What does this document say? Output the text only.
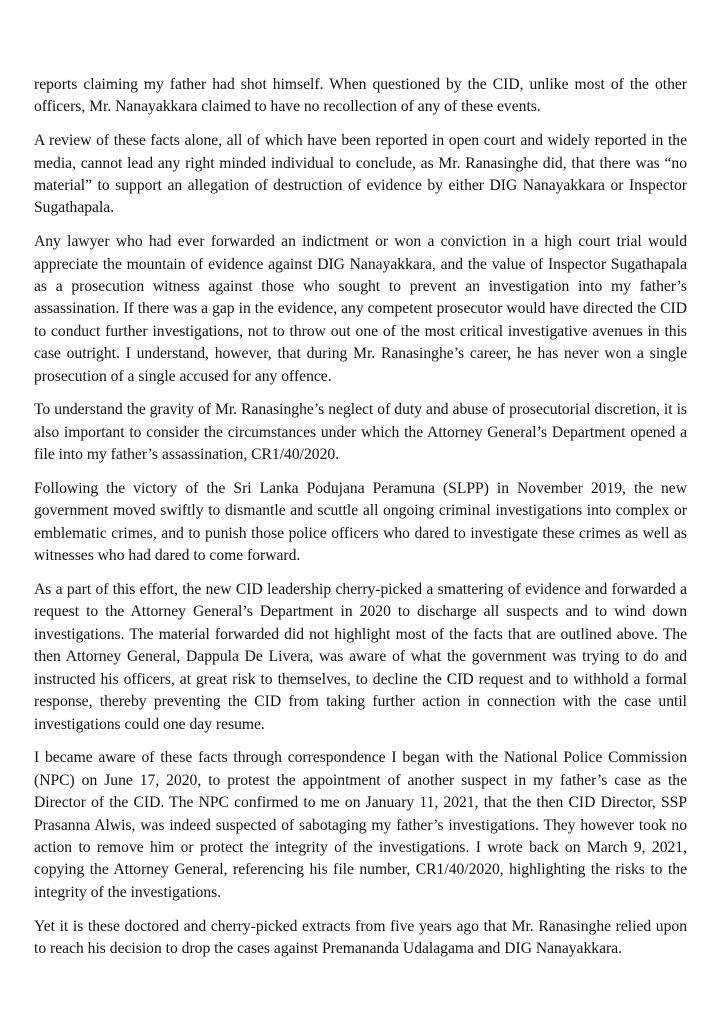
reports claiming my father had shot himself. When questioned by the CID, unlike most of the other officers, Mr. Nanayakkara claimed to have no recollection of any of these events.

A review of these facts alone, all of which have been reported in open court and widely reported in the media, cannot lead any right minded individual to conclude, as Mr. Ranasinghe did, that there was “no material” to support an allegation of destruction of evidence by either DIG Nanayakkara or Inspector Sugathapala.

Any lawyer who had ever forwarded an indictment or won a conviction in a high court trial would appreciate the mountain of evidence against DIG Nanayakkara, and the value of Inspector Sugathapala as a prosecution witness against those who sought to prevent an investigation into my father’s assassination. If there was a gap in the evidence, any competent prosecutor would have directed the CID to conduct further investigations, not to throw out one of the most critical investigative avenues in this case outright. I understand, however, that during Mr. Ranasinghe’s career, he has never won a single prosecution of a single accused for any offence.

To understand the gravity of Mr. Ranasinghe’s neglect of duty and abuse of prosecutorial discretion, it is also important to consider the circumstances under which the Attorney General’s Department opened a file into my father’s assassination, CR1/40/2020.

Following the victory of the Sri Lanka Podujana Peramuna (SLPP) in November 2019, the new government moved swiftly to dismantle and scuttle all ongoing criminal investigations into complex or emblematic crimes, and to punish those police officers who dared to investigate these crimes as well as witnesses who had dared to come forward.

As a part of this effort, the new CID leadership cherry-picked a smattering of evidence and forwarded a request to the Attorney General’s Department in 2020 to discharge all suspects and to wind down investigations. The material forwarded did not highlight most of the facts that are outlined above. The then Attorney General, Dappula De Livera, was aware of what the government was trying to do and instructed his officers, at great risk to themselves, to decline the CID request and to withhold a formal response, thereby preventing the CID from taking further action in connection with the case until investigations could one day resume.

I became aware of these facts through correspondence I began with the National Police Commission (NPC) on June 17, 2020, to protest the appointment of another suspect in my father’s case as the Director of the CID. The NPC confirmed to me on January 11, 2021, that the then CID Director, SSP Prasanna Alwis, was indeed suspected of sabotaging my father’s investigations. They however took no action to remove him or protect the integrity of the investigations. I wrote back on March 9, 2021, copying the Attorney General, referencing his file number, CR1/40/2020, highlighting the risks to the integrity of the investigations.

Yet it is these doctored and cherry-picked extracts from five years ago that Mr. Ranasinghe relied upon to reach his decision to drop the cases against Premananda Udalagama and DIG Nanayakkara.
